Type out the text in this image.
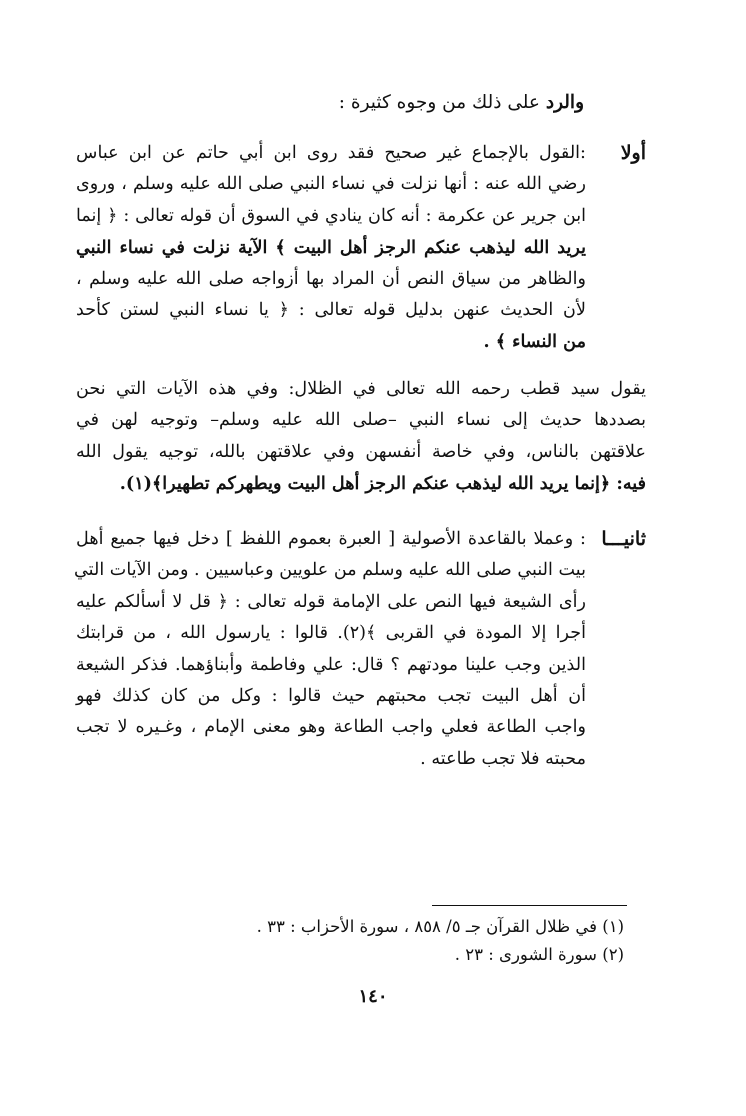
والرد على ذلك من وجوه كثيرة :
أولا
:القول بالإجماع غير صحيح فقد روى ابن أبي حاتم عن ابن عباس
رضي الله عنه : أنها نزلت في نساء النبي صلى الله عليه وسلم ، وروى
ابن جرير عن عكرمة : أنه كان ينادي في السوق أن قوله تعالى : ﴿ إنما
يريد الله ليذهب عنكم الرجز أهل البيت ﴾ الآية نزلت في نساء النبي
والظاهر من سياق النص أن المراد بها أزواجه صلى الله عليه وسلم ،
لأن الحديث عنهن بدليل قوله تعالى : ﴿ يا نساء النبي لستن كأحد
من النساء ﴾ .
يقول سيد قطب رحمه الله تعالى في الظلال: وفي هذه الآيات التي نحن
بصددها حديث إلى نساء النبي –صلى الله عليه وسلم– وتوجيه لهن في
علاقتهن بالناس، وفي خاصة أنفسهن وفي علاقتهن بالله، توجيه يقول الله
فيه: ﴿إنما يريد الله ليذهب عنكم الرجز أهل البيت ويطهركم تطهيرا﴾(١).
ثانيـــا
: وعملا بالقاعدة الأصولية [ العبرة بعموم اللفظ ] دخل فيها جميع أهل
بيت النبي صلى الله عليه وسلم من علويين وعباسيين . ومن الآيات التي
رأى الشيعة فيها النص على الإمامة قوله تعالى : ﴿ قل لا أسألكم عليه
أجرا إلا المودة في القربى ﴾(٢). قالوا : يارسول الله ، من قرابتك
الذين وجب علينا مودتهم ؟ قال: علي وفاطمة وأبناؤهما. فذكر الشيعة
أن أهل البيت تجب محبتهم حيث قالوا : وكل من كان كذلك فهو
واجب الطاعة فعلي واجب الطاعة وهو معنى الإمام ، وغـيره لا تجب
محبته فلا تجب طاعته .
(١) في ظلال القرآن جـ ٥/ ٨٥٨ ، سورة الأحزاب : ٣٣ .
(٢) سورة الشورى : ٢٣ .
١٤٠
